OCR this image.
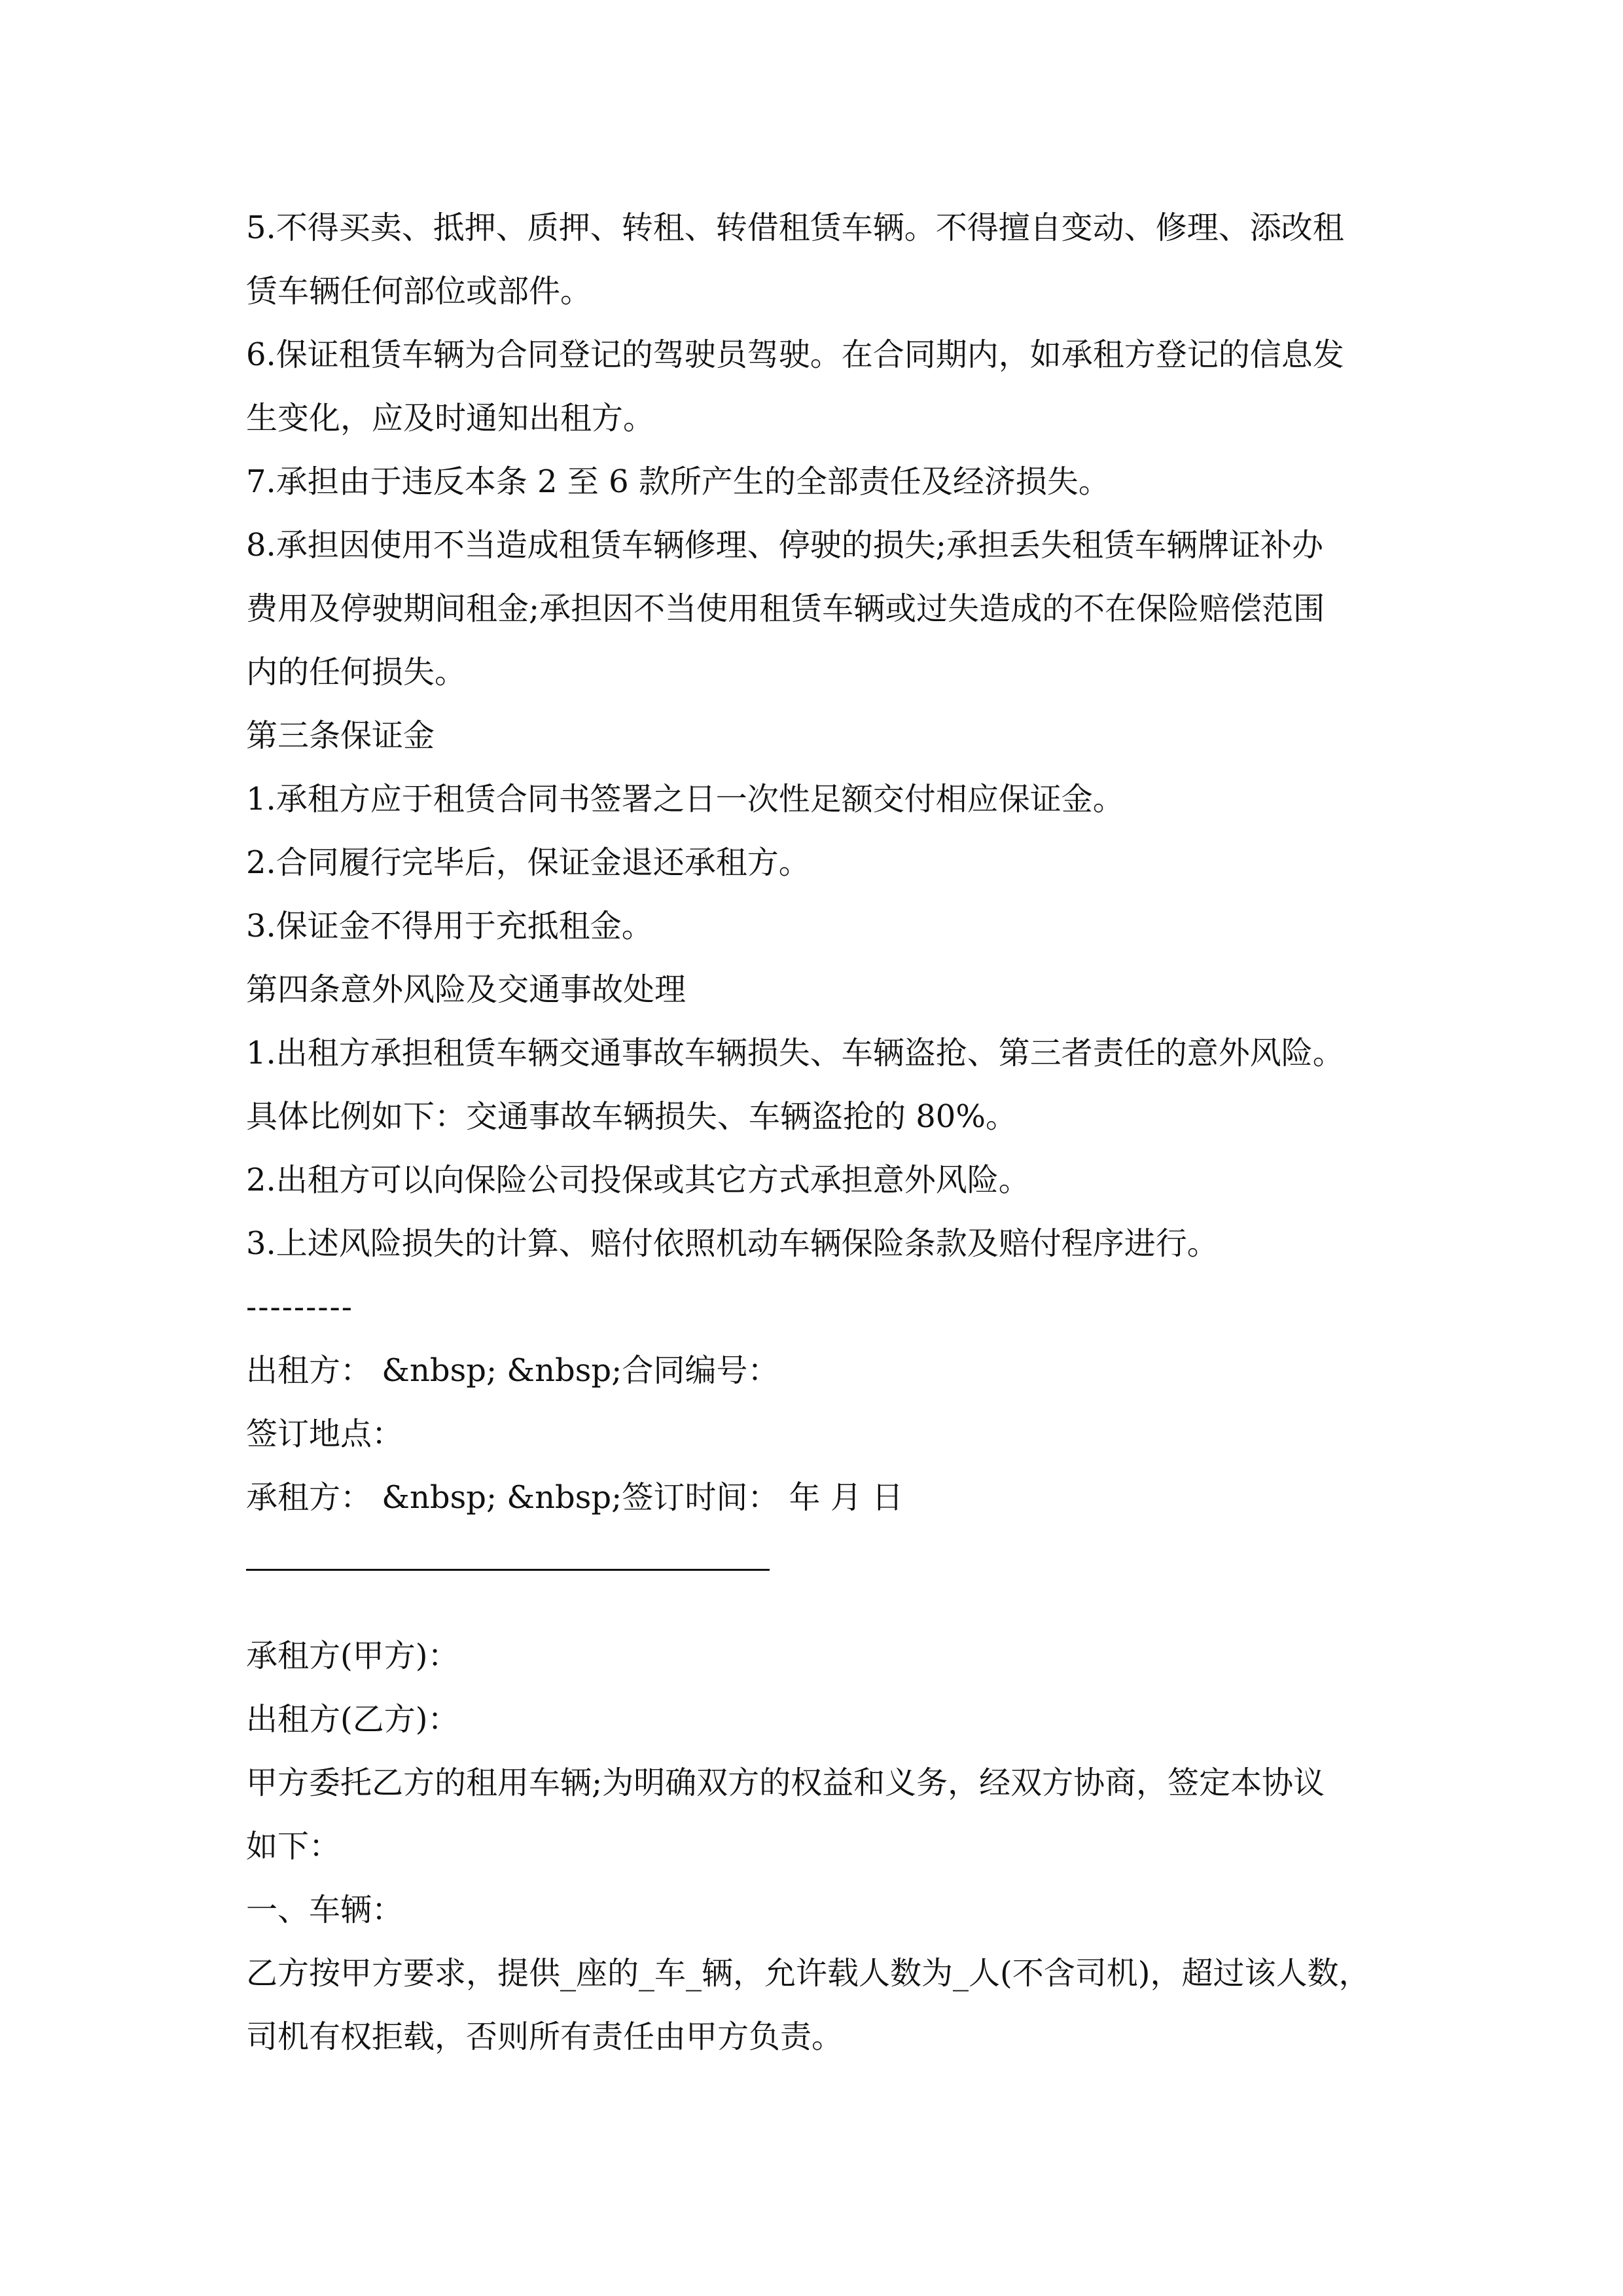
5.不得买卖、抵押、质押、转租、转借租赁车辆。不得擅自变动、修理、添改租
赁车辆任何部位或部件。

6.保证租赁车辆为合同登记的驾驶员驾驶。在合同期内，如承租方登记的信息发
生变化，应及时通知出租方。

7.承担由于违反本条 2 至 6 款所产生的全部责任及经济损失。

8.承担因使用不当造成租赁车辆修理、停驶的损失;承担丢失租赁车辆牌证补办
费用及停驶期间租金;承担因不当使用租赁车辆或过失造成的不在保险赔偿范围
内的任何损失。

第三条保证金

1.承租方应于租赁合同书签署之日一次性足额交付相应保证金。

2.合同履行完毕后，保证金退还承租方。

3.保证金不得用于充抵租金。

第四条意外风险及交通事故处理

1.出租方承担租赁车辆交通事故车辆损失、车辆盗抢、第三者责任的意外风险。
具体比例如下：交通事故车辆损失、车辆盗抢的 80%。

2.出租方可以向保险公司投保或其它方式承担意外风险。

3.上述风险损失的计算、赔付依照机动车辆保险条款及赔付程序进行。

---------

出租方： &nbsp; &nbsp;合同编号：

签订地点：

承租方： &nbsp; &nbsp;签订时间： 年 月 日

承租方(甲方)：

出租方(乙方)：

甲方委托乙方的租用车辆;为明确双方的权益和义务，经双方协商，签定本协议
如下：

一、车辆：

乙方按甲方要求，提供_座的_车_辆，允许载人数为_人(不含司机)，超过该人数，
司机有权拒载，否则所有责任由甲方负责。
